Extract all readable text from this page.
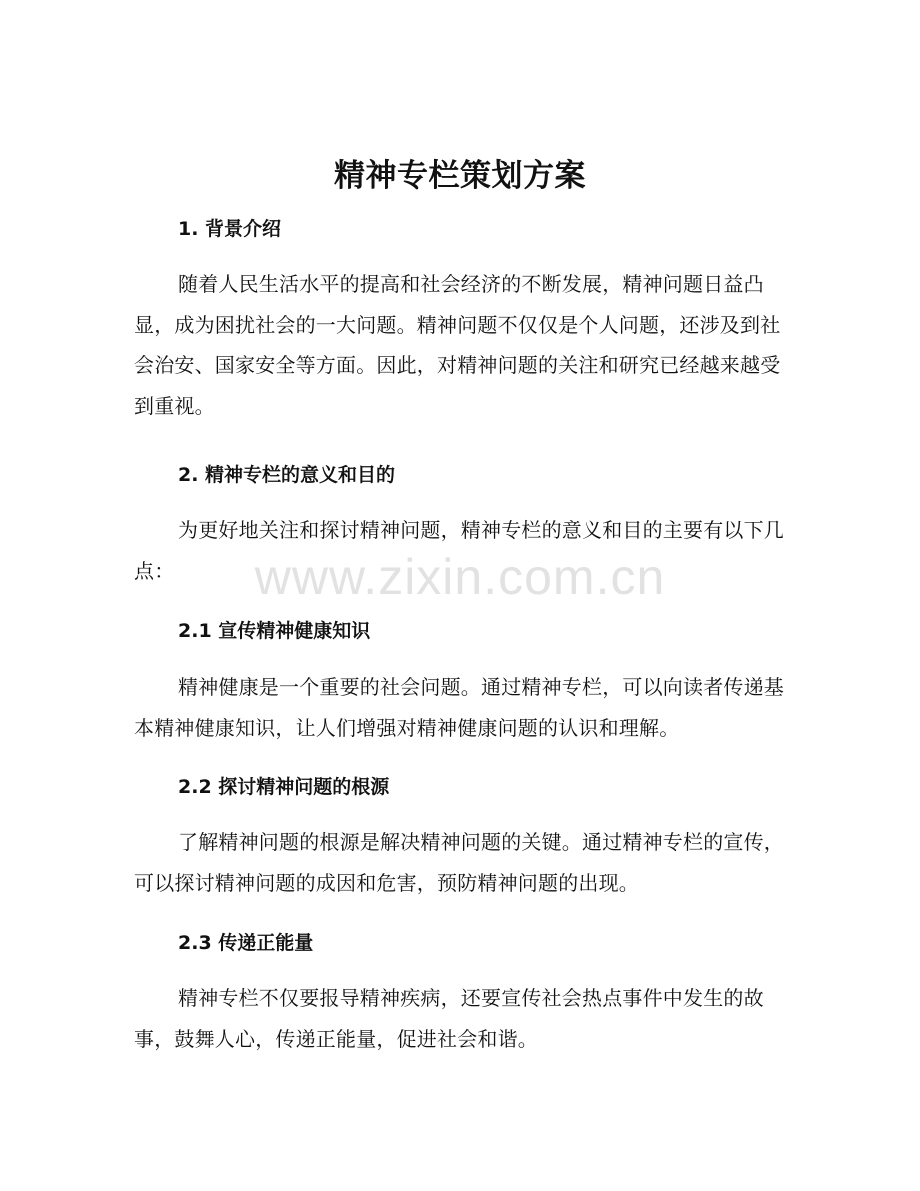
精神专栏策划方案
1. 背景介绍
随着人民生活水平的提高和社会经济的不断发展，精神问题日益凸显，成为困扰社会的一大问题。精神问题不仅仅是个人问题，还涉及到社会治安、国家安全等方面。因此，对精神问题的关注和研究已经越来越受到重视。
2. 精神专栏的意义和目的
为更好地关注和探讨精神问题，精神专栏的意义和目的主要有以下几点：
2.1 宣传精神健康知识
精神健康是一个重要的社会问题。通过精神专栏，可以向读者传递基本精神健康知识，让人们增强对精神健康问题的认识和理解。
2.2 探讨精神问题的根源
了解精神问题的根源是解决精神问题的关键。通过精神专栏的宣传，可以探讨精神问题的成因和危害，预防精神问题的出现。
2.3 传递正能量
精神专栏不仅要报导精神疾病，还要宣传社会热点事件中发生的故事，鼓舞人心，传递正能量，促进社会和谐。
www.zixin.com.cn
